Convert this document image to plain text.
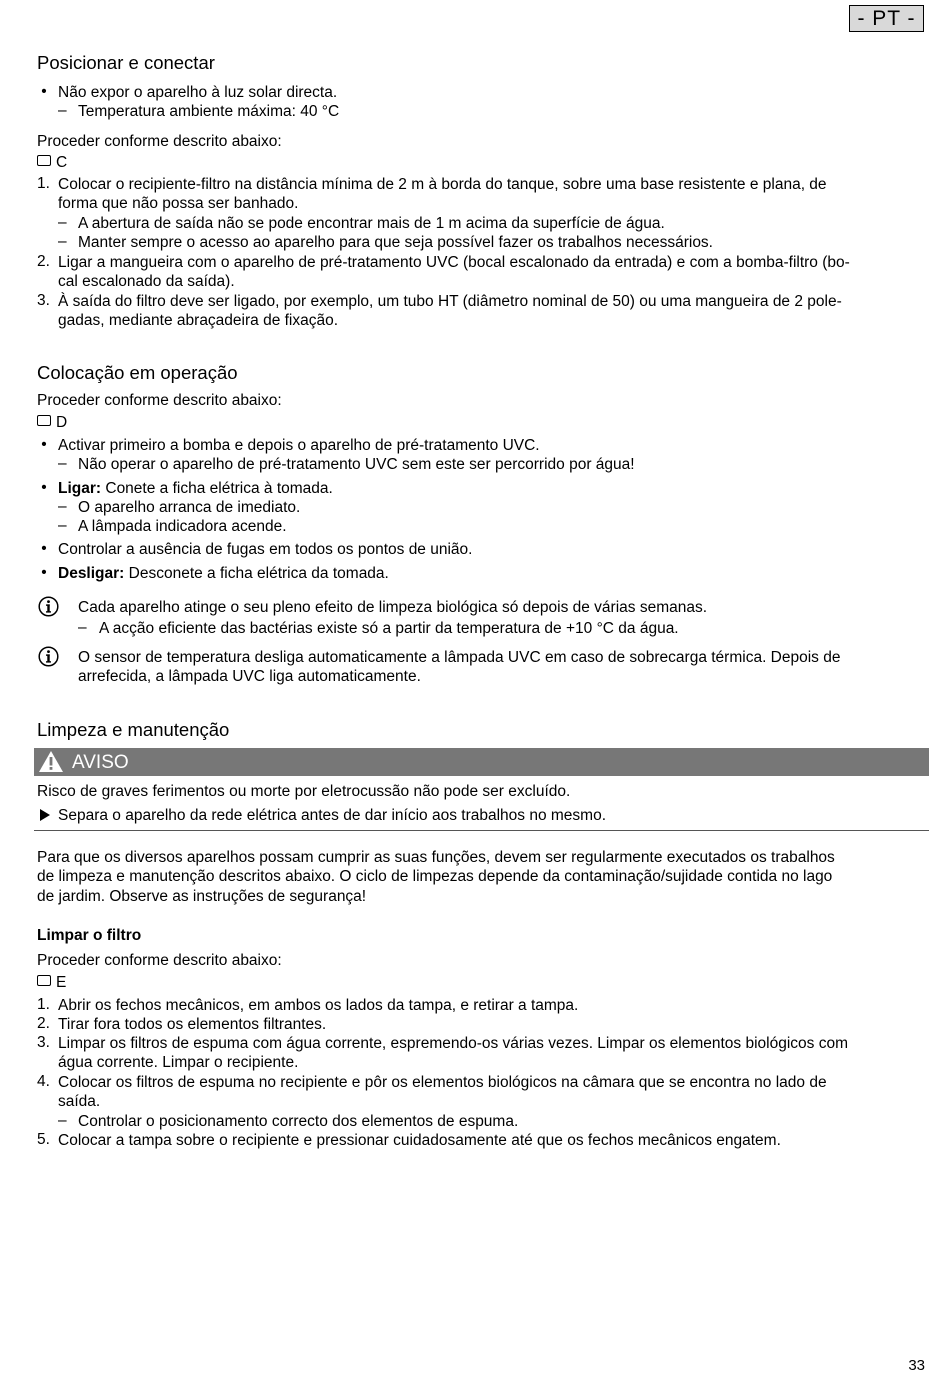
- PT -
Posicionar e conectar
• Não expor o aparelho à luz solar directa.
– Temperatura ambiente máxima: 40 °C
Proceder conforme descrito abaixo:
C
1. Colocar o recipiente-filtro na distância mínima de 2 m à borda do tanque, sobre uma base resistente e plana, de
forma que não possa ser banhado.
– A abertura de saída não se pode encontrar mais de 1 m acima da superfície de água.
– Manter sempre o acesso ao aparelho para que seja possível fazer os trabalhos necessários.
2. Ligar a mangueira com o aparelho de pré-tratamento UVC (bocal escalonado da entrada) e com a bomba-filtro (bo-
cal escalonado da saída).
3. À saída do filtro deve ser ligado, por exemplo, um tubo HT (diâmetro nominal de 50) ou uma mangueira de 2 pole-
gadas, mediante abraçadeira de fixação.
Colocação em operação
Proceder conforme descrito abaixo:
D
• Activar primeiro a bomba e depois o aparelho de pré-tratamento UVC.
– Não operar o aparelho de pré-tratamento UVC sem este ser percorrido por água!
• Ligar: Conete a ficha elétrica à tomada.
– O aparelho arranca de imediato.
– A lâmpada indicadora acende.
• Controlar a ausência de fugas em todos os pontos de união.
• Desligar: Desconete a ficha elétrica da tomada.
Cada aparelho atinge o seu pleno efeito de limpeza biológica só depois de várias semanas.
– A acção eficiente das bactérias existe só a partir da temperatura de +10 °C da água.
O sensor de temperatura desliga automaticamente a lâmpada UVC em caso de sobrecarga térmica. Depois de
arrefecida, a lâmpada UVC liga automaticamente.
Limpeza e manutenção
AVISO
Risco de graves ferimentos ou morte por eletrocussão não pode ser excluído.
Separa o aparelho da rede elétrica antes de dar início aos trabalhos no mesmo.
Para que os diversos aparelhos possam cumprir as suas funções, devem ser regularmente executados os trabalhos
de limpeza e manutenção descritos abaixo. O ciclo de limpezas depende da contaminação/sujidade contida no lago
de jardim. Observe as instruções de segurança!
Limpar o filtro
Proceder conforme descrito abaixo:
E
1. Abrir os fechos mecânicos, em ambos os lados da tampa, e retirar a tampa.
2. Tirar fora todos os elementos filtrantes.
3. Limpar os filtros de espuma com água corrente, espremendo-os várias vezes. Limpar os elementos biológicos com
água corrente. Limpar o recipiente.
4. Colocar os filtros de espuma no recipiente e pôr os elementos biológicos na câmara que se encontra no lado de
saída.
– Controlar o posicionamento correcto dos elementos de espuma.
5. Colocar a tampa sobre o recipiente e pressionar cuidadosamente até que os fechos mecânicos engatem.
33
